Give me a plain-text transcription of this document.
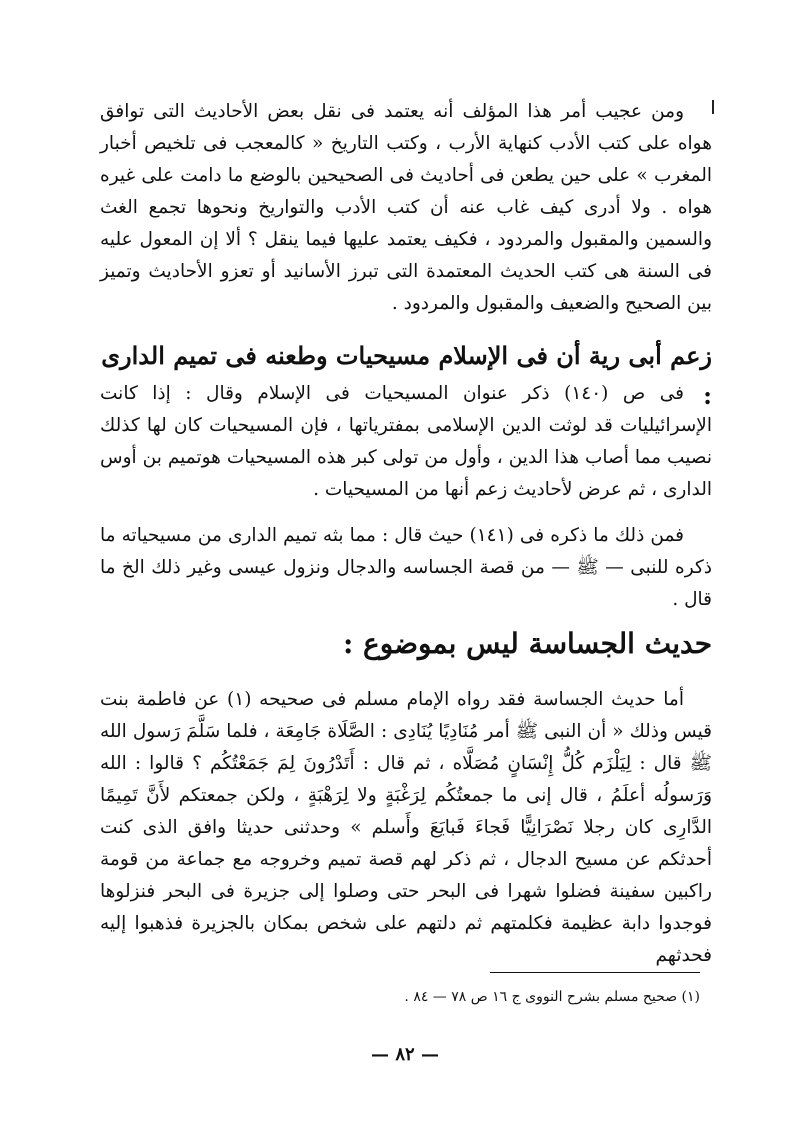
ومن عجيب أمر هذا المؤلف أنه يعتمد فى نقل بعض الأحاديث التى توافق هواه على كتب الأدب كنهاية الأرب ، وكتب التاريخ « كالمعجب فى تلخيص أخبار المغرب » على حين يطعن فى أحاديث فى الصحيحين بالوضع ما دامت على غيره هواه . ولا أدرى كيف غاب عنه أن كتب الأدب والتواريخ ونحوها تجمع الغث والسمين والمقبول والمردود ، فكيف يعتمد عليها فيما ينقل ؟ ألا إن المعول عليه فى السنة هى كتب الحديث المعتمدة التى تبرز الأسانيد أو تعزو الأحاديث وتميز بين الصحيح والضعيف والمقبول والمردود .

زعم أبى رية أن فى الإسلام مسيحيات وطعنه فى تميم الدارى :

فى ص (١٤٠) ذكر عنوان المسيحيات فى الإسلام وقال : إذا كانت الإسرائيليات قد لوثت الدين الإسلامى بمفترياتها ، فإن المسيحيات كان لها كذلك نصيب مما أصاب هذا الدين ، وأول من تولى كبر هذه المسيحيات هوتميم بن أوس الدارى ، ثم عرض لأحاديث زعم أنها من المسيحيات .

فمن ذلك ما ذكره فى (١٤١) حيث قال : مما بثه تميم الدارى من مسيحياته ما ذكره للنبى — ﷺ — من قصة الجساسه والدجال ونزول عيسى وغير ذلك الخ ما قال .

حديث الجساسة ليس بموضوع :

أما حديث الجساسة فقد رواه الإمام مسلم فى صحيحه (١) عن فاطمة بنت قيس وذلك « أن النبى ﷺ أمر مُنَادِيًا يُنَادِى : الصَّلَاة جَامِعَة ، فلما سَلَّمَ رَسول الله ﷺ قال : لِيَلْزَم كُلُّ إِنْسَانٍ مُصَلَّاه ، ثم قال : أَتَدْرُونَ لِمَ جَمَعْتُكُم ؟ قالوا : الله وَرَسولُه أعلَمُ ، قال إنى ما جمعتُكُم لِرَغْبَةٍ ولا لِرَهْبَةٍ ، ولكن جمعتكم لأَنَّ تَمِيمًا الدَّارِى كان رجلا نَصْرَانِيًّا فَجاءَ فَبايَعَ وأَسلم » وحدثنى حديثا وافق الذى كنت أحدثكم عن مسيح الدجال ، ثم ذكر لهم قصة تميم وخروجه مع جماعة من قومة راكبين سفينة فضلوا شهرا فى البحر حتى وصلوا إلى جزيرة فى البحر فنزلوها فوجدوا دابة عظيمة فكلمتهم ثم دلتهم على شخص بمكان بالجزيرة فذهبوا إليه فحدثهم

(١) صحيح مسلم بشرح النووى ج ١٦ ص ٧٨ — ٨٤ .
— ٨٢ —
